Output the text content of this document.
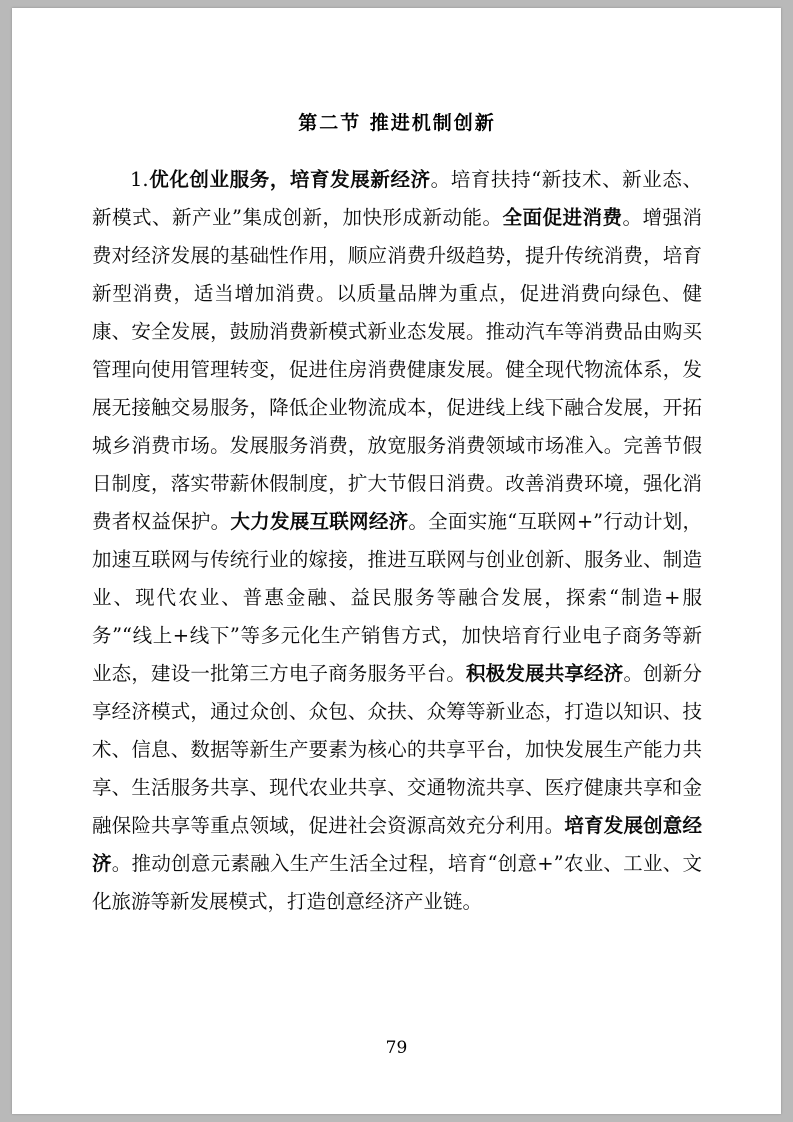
第二节 推进机制创新
1.优化创业服务，培育发展新经济。培育扶持“新技术、新业态、新模式、新产业”集成创新，加快形成新动能。全面促进消费。增强消费对经济发展的基础性作用，顺应消费升级趋势，提升传统消费，培育新型消费，适当增加消费。以质量品牌为重点，促进消费向绿色、健康、安全发展，鼓励消费新模式新业态发展。推动汽车等消费品由购买管理向使用管理转变，促进住房消费健康发展。健全现代物流体系，发展无接触交易服务，降低企业物流成本，促进线上线下融合发展，开拓城乡消费市场。发展服务消费，放宽服务消费领域市场准入。完善节假日制度，落实带薪休假制度，扩大节假日消费。改善消费环境，强化消费者权益保护。大力发展互联网经济。全面实施“互联网+”行动计划，加速互联网与传统行业的嫁接，推进互联网与创业创新、服务业、制造业、现代农业、普惠金融、益民服务等融合发展，探索“制造+服务”“线上+线下”等多元化生产销售方式，加快培育行业电子商务等新业态，建设一批第三方电子商务服务平台。积极发展共享经济。创新分享经济模式，通过众创、众包、众扶、众筹等新业态，打造以知识、技术、信息、数据等新生产要素为核心的共享平台，加快发展生产能力共享、生活服务共享、现代农业共享、交通物流共享、医疗健康共享和金融保险共享等重点领域，促进社会资源高效充分利用。培育发展创意经济。推动创意元素融入生产生活全过程，培育“创意+”农业、工业、文化旅游等新发展模式，打造创意经济产业链。
79
